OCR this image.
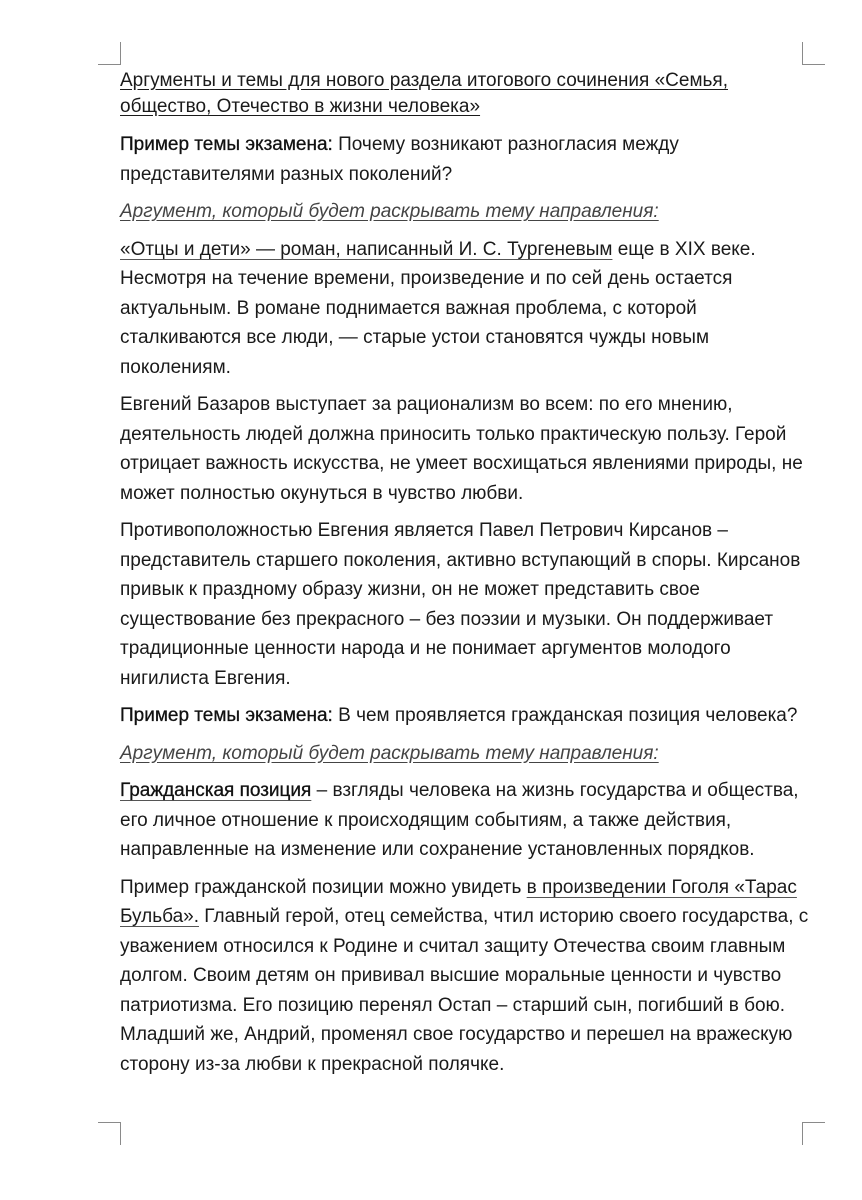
Аргументы и темы для нового раздела итогового сочинения «Семья, общество, Отечество в жизни человека»

Пример темы экзамена: Почему возникают разногласия между представителями разных поколений?

Аргумент, который будет раскрывать тему направления:

«Отцы и дети» — роман, написанный И. С. Тургеневым еще в XIX веке. Несмотря на течение времени, произведение и по сей день остается актуальным. В романе поднимается важная проблема, с которой сталкиваются все люди, — старые устои становятся чужды новым поколениям.

Евгений Базаров выступает за рационализм во всем: по его мнению, деятельность людей должна приносить только практическую пользу. Герой отрицает важность искусства, не умеет восхищаться явлениями природы, не может полностью окунуться в чувство любви.

Противоположностью Евгения является Павел Петрович Кирсанов – представитель старшего поколения, активно вступающий в споры. Кирсанов привык к праздному образу жизни, он не может представить свое существование без прекрасного – без поэзии и музыки. Он поддерживает традиционные ценности народа и не понимает аргументов молодого нигилиста Евгения.

Пример темы экзамена: В чем проявляется гражданская позиция человека?

Аргумент, который будет раскрывать тему направления:

Гражданская позиция – взгляды человека на жизнь государства и общества, его личное отношение к происходящим событиям, а также действия, направленные на изменение или сохранение установленных порядков.

Пример гражданской позиции можно увидеть в произведении Гоголя «Тарас Бульба». Главный герой, отец семейства, чтил историю своего государства, с уважением относился к Родине и считал защиту Отечества своим главным долгом. Своим детям он прививал высшие моральные ценности и чувство патриотизма. Его позицию перенял Остап – старший сын, погибший в бою. Младший же, Андрий, променял свое государство и перешел на вражескую сторону из-за любви к прекрасной полячке.
